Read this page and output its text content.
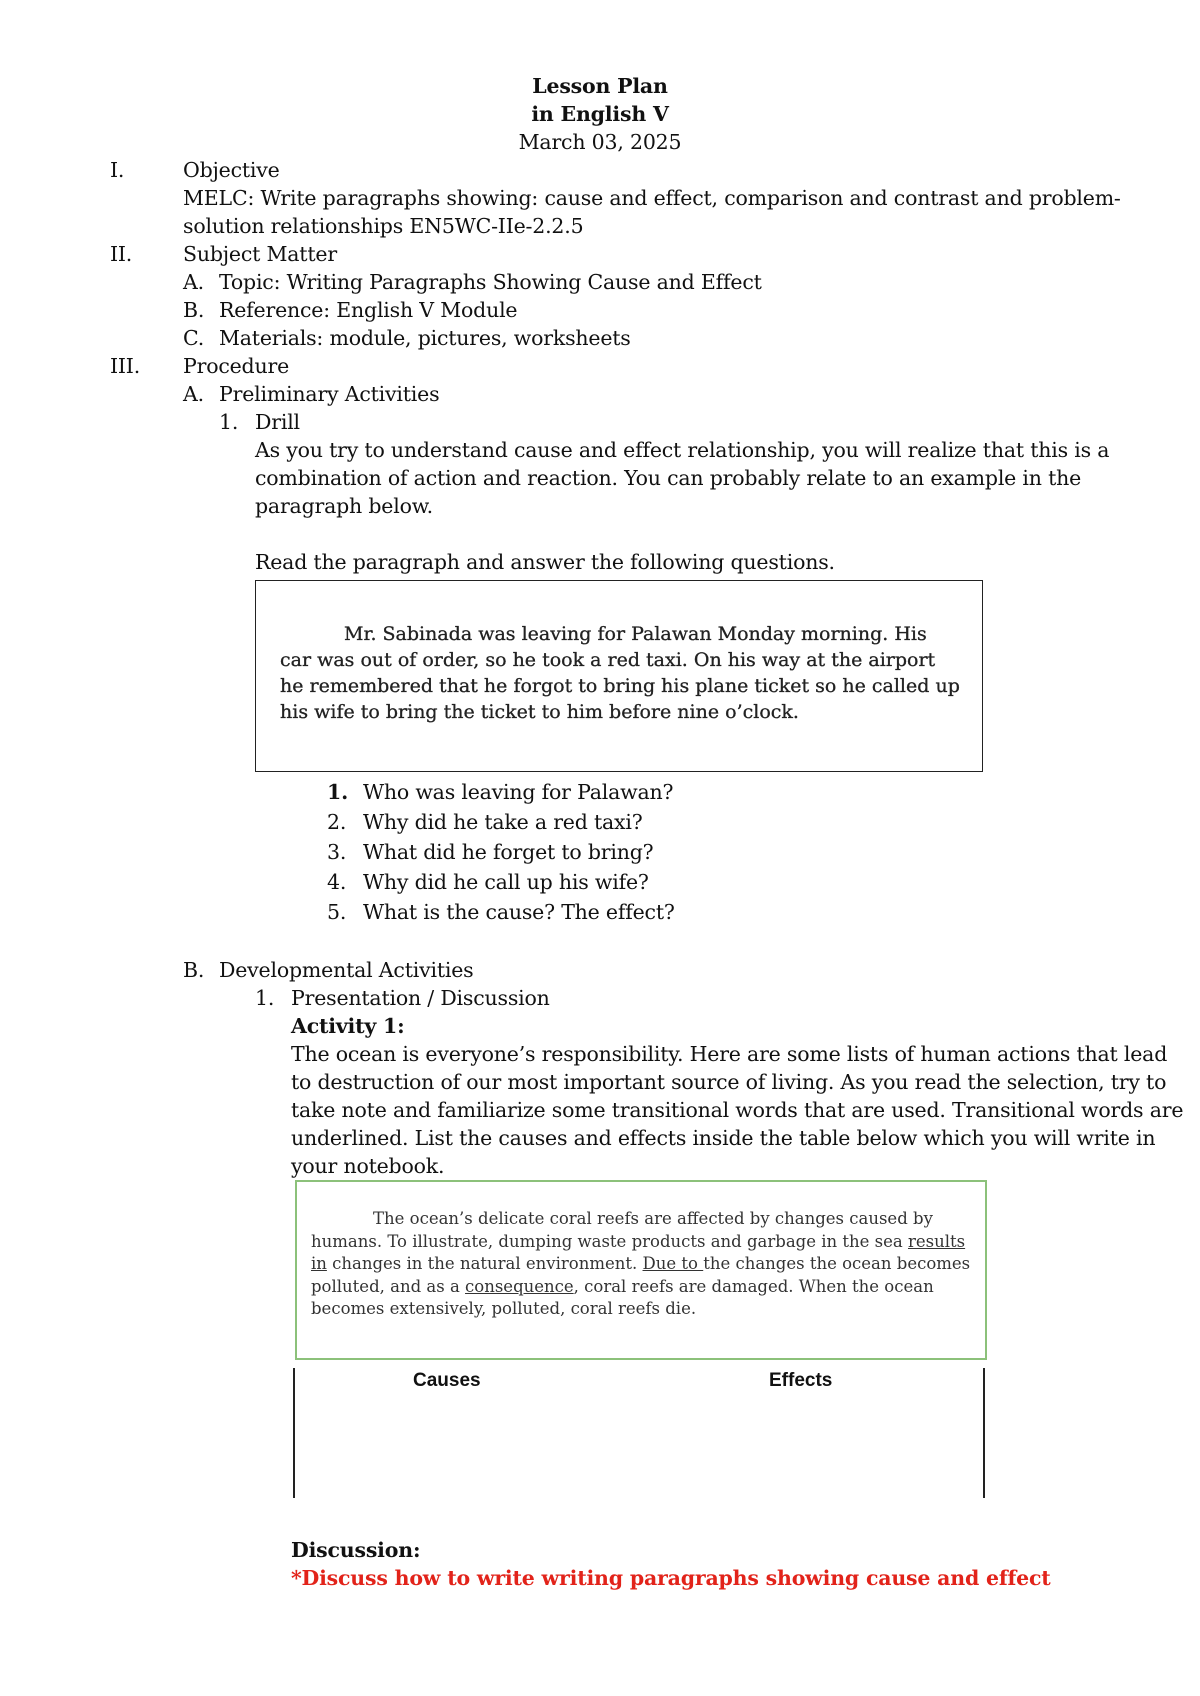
Lesson Plan
in English V
March 03, 2025
I.	Objective
MELC: Write paragraphs showing: cause and effect, comparison and contrast and problem-
solution relationships EN5WC-IIe-2.2.5
II. Subject Matter
A. Topic: Writing Paragraphs Showing Cause and Effect
B. Reference: English V Module
C. Materials: module, pictures, worksheets
III. Procedure
A. Preliminary Activities
1. Drill
As you try to understand cause and effect relationship, you will realize that this is a
combination of action and reaction. You can probably relate to an example in the
paragraph below.
Read the paragraph and answer the following questions.

Mr. Sabinada was leaving for Palawan Monday morning. His car was out of order, so he took a red taxi. On his way at the airport he remembered that he forgot to bring his plane ticket so he called up his wife to bring the ticket to him before nine o’clock.

1. Who was leaving for Palawan?
2. Why did he take a red taxi?
3. What did he forget to bring?
4. Why did he call up his wife?
5. What is the cause? The effect?
B. Developmental Activities
1. Presentation / Discussion
Activity 1:
The ocean is everyone’s responsibility. Here are some lists of human actions that lead
to destruction of our most important source of living. As you read the selection, try to
take note and familiarize some transitional words that are used. Transitional words are
underlined. List the causes and effects inside the table below which you will write in
your notebook.

The ocean’s delicate coral reefs are affected by changes caused by humans. To illustrate, dumping waste products and garbage in the sea results in changes in the natural environment. Due to the changes the ocean becomes polluted, and as a consequence, coral reefs are damaged. When the ocean becomes extensively, polluted, coral reefs die.

Causes	Effects
Discussion:
*Discuss how to write writing paragraphs showing cause and effect
